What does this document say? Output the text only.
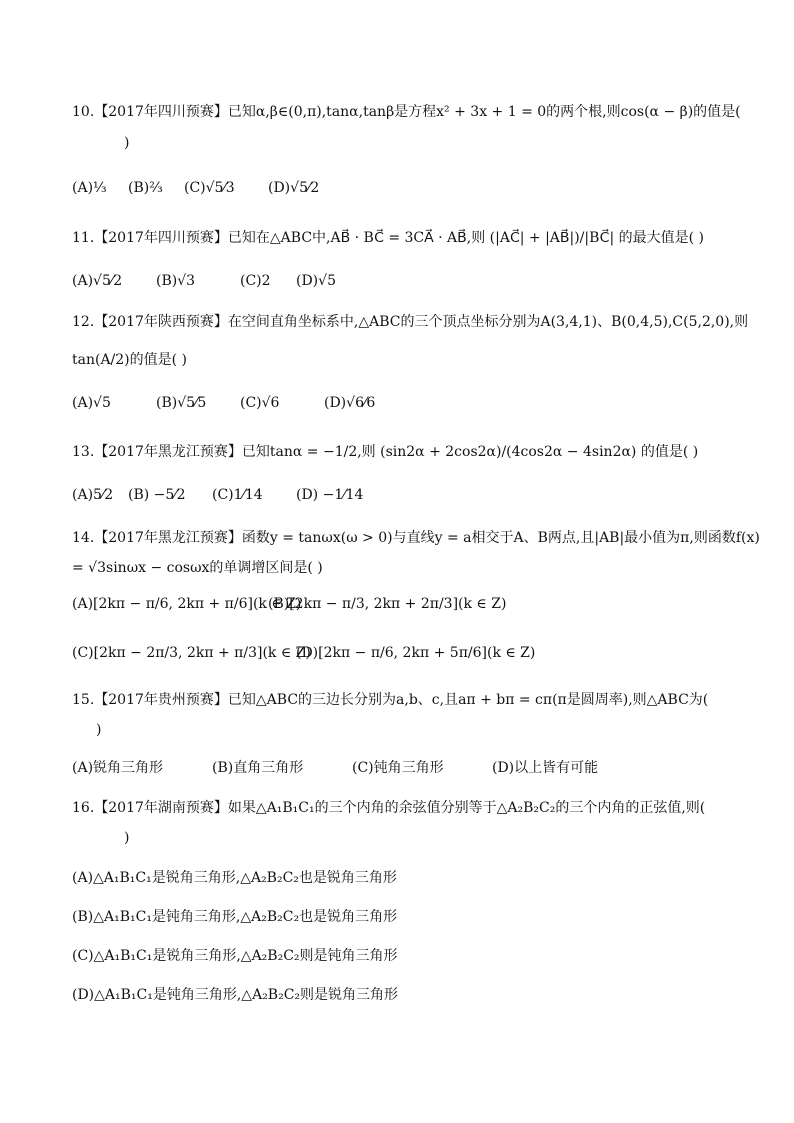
10.【2017年四川预赛】已知α,β∈(0,π),tanα,tanβ是方程x² + 3x + 1 = 0的两个根,则cos(α − β)的值是(
)
(A)¹⁄₃ (B)²⁄₃ (C)√5⁄3 (D)√5⁄2
11.【2017年四川预赛】已知在△ABC中,AB⃗ · BC⃗ = 3CA⃗ · AB⃗,则 (|AC⃗| + |AB⃗|)/|BC⃗| 的最大值是( )
(A)√5⁄2 (B)√3	(C)2 (D)√5
12.【2017年陕西预赛】在空间直角坐标系中,△ABC的三个顶点坐标分别为A(3,4,1)、B(0,4,5),C(5,2,0),则
tan(A/2)的值是( )
(A)√5	(B)√5⁄5 (C)√6	(D)√6⁄6
13.【2017年黑龙江预赛】已知tanα = −1/2,则 (sin2α + 2cos2α)/(4cos2α − 4sin2α) 的值是( )
(A)5⁄2 (B) −5⁄2 (C)1⁄14 (D) −1⁄14
14.【2017年黑龙江预赛】函数y = tanωx(ω > 0)与直线y = a相交于A、B两点,且|AB|最小值为π,则函数f(x)
= √3sinωx − cosωx的单调增区间是( )
(A)[2kπ − π/6, 2kπ + π/6](k ∈ Z)
(B)[2kπ − π/3, 2kπ + 2π/3](k ∈ Z)
(C)[2kπ − 2π/3, 2kπ + π/3](k ∈ Z)
(D)[2kπ − π/6, 2kπ + 5π/6](k ∈ Z)
15.【2017年贵州预赛】已知△ABC的三边长分别为a,b、c,且aπ + bπ = cπ(π是圆周率),则△ABC为(
)
(A)锐角三角形	(B)直角三角形	(C)钝角三角形	(D)以上皆有可能
16.【2017年湖南预赛】如果△A₁B₁C₁的三个内角的余弦值分别等于△A₂B₂C₂的三个内角的正弦值,则(
)
(A)△A₁B₁C₁是锐角三角形,△A₂B₂C₂也是锐角三角形
(B)△A₁B₁C₁是钝角三角形,△A₂B₂C₂也是锐角三角形
(C)△A₁B₁C₁是锐角三角形,△A₂B₂C₂则是钝角三角形
(D)△A₁B₁C₁是钝角三角形,△A₂B₂C₂则是锐角三角形
